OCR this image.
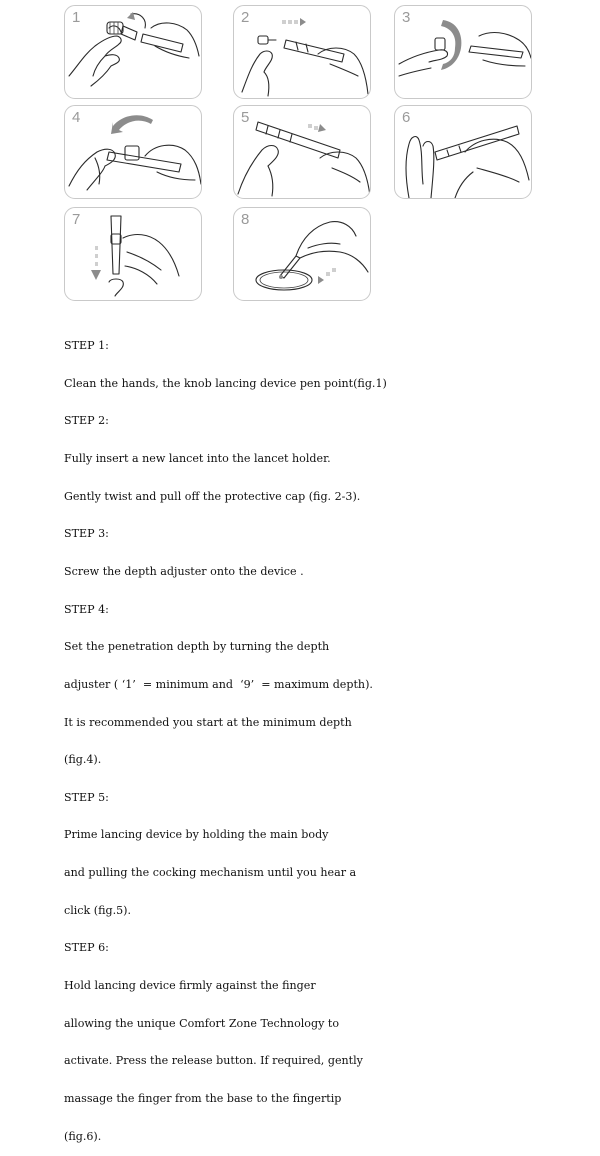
1	2	3
4	5	6
7	8

STEP 1:

Clean the hands, the knob lancing device pen point(fig.1)

STEP 2:

Fully insert a new lancet into the lancet holder.

Gently twist and pull off the protective cap (fig. 2-3).

STEP 3:

Screw the depth adjuster onto the device .

STEP 4:

Set the penetration depth by turning the depth

adjuster ( ‘1’  = minimum and  ‘9’  = maximum depth).

It is recommended you start at the minimum depth

(fig.4).

STEP 5:

Prime lancing device by holding the main body

and pulling the cocking mechanism until you hear a

click (fig.5).

STEP 6:

Hold lancing device firmly against the finger

allowing the unique Comfort Zone Technology to

activate. Press the release button. If required, gently

massage the finger from the base to the fingertip

(fig.6).
